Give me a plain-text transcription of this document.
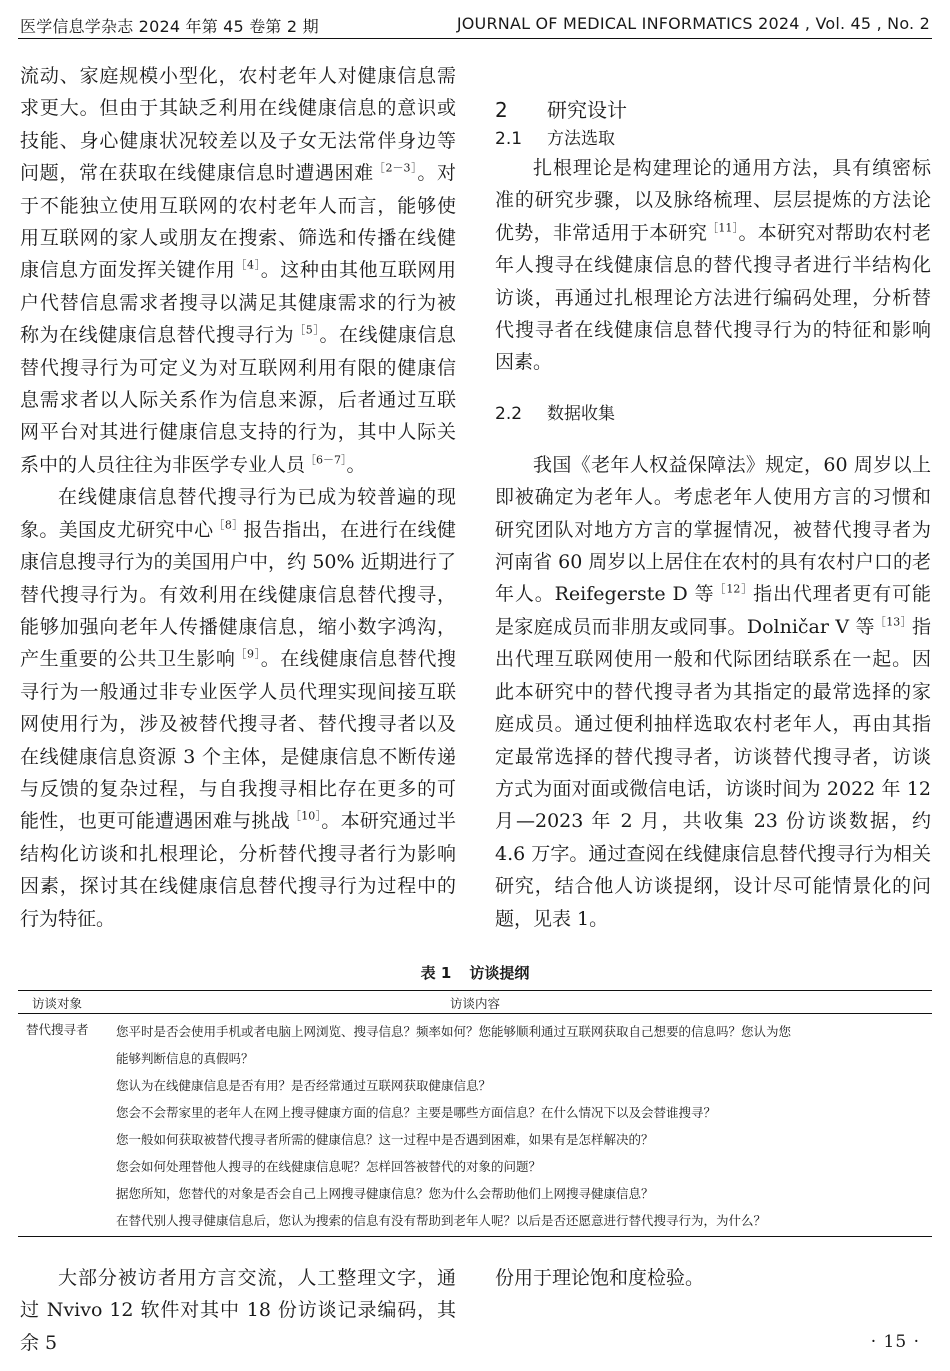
医学信息学杂志 2024 年第 45 卷第 2 期	JOURNAL OF MEDICAL INFORMATICS 2024 , Vol. 45 , No. 2

流动、家庭规模小型化，农村老年人对健康信息需求更大。但由于其缺乏利用在线健康信息的意识或技能、身心健康状况较差以及子女无法常伴身边等问题，常在获取在线健康信息时遭遇困难$^{[2-3]}$。对于不能独立使用互联网的农村老年人而言，能够使用互联网的家人或朋友在搜索、筛选和传播在线健康信息方面发挥关键作用$^{[4]}$。这种由其他互联网用户代替信息需求者搜寻以满足其健康需求的行为被称为在线健康信息替代搜寻行为$^{[5]}$。在线健康信息替代搜寻行为可定义为对互联网利用有限的健康信息需求者以人际关系作为信息来源，后者通过互联网平台对其进行健康信息支持的行为，其中人际关系中的人员往往为非医学专业人员$^{[6-7]}$。

在线健康信息替代搜寻行为已成为较普遍的现象。美国皮尤研究中心$^{[8]}$报告指出，在进行在线健康信息搜寻行为的美国用户中，约 50% 近期进行了替代搜寻行为。有效利用在线健康信息替代搜寻，能够加强向老年人传播健康信息，缩小数字鸿沟，产生重要的公共卫生影响$^{[9]}$。在线健康信息替代搜寻行为一般通过非专业医学人员代理实现间接互联网使用行为，涉及被替代搜寻者、替代搜寻者以及在线健康信息资源 3 个主体，是健康信息不断传递与反馈的复杂过程，与自我搜寻相比存在更多的可能性，也更可能遭遇困难与挑战$^{[10]}$。本研究通过半结构化访谈和扎根理论，分析替代搜寻者行为影响因素，探讨其在线健康信息替代搜寻行为过程中的行为特征。

2 研究设计

2.1 方法选取

扎根理论是构建理论的通用方法，具有缜密标准的研究步骤，以及脉络梳理、层层提炼的方法论优势，非常适用于本研究$^{[11]}$。本研究对帮助农村老年人搜寻在线健康信息的替代搜寻者进行半结构化访谈，再通过扎根理论方法进行编码处理，分析替代搜寻者在线健康信息替代搜寻行为的特征和影响因素。

2.2 数据收集

我国《老年人权益保障法》规定，60 周岁以上即被确定为老年人。考虑老年人使用方言的习惯和研究团队对地方方言的掌握情况，被替代搜寻者为河南省 60 周岁以上居住在农村的具有农村户口的老年人。Reifegerste D 等$^{[12]}$指出代理者更有可能是家庭成员而非朋友或同事。Dolničar V 等$^{[13]}$指出代理互联网使用一般和代际团结联系在一起。因此本研究中的替代搜寻者为其指定的最常选择的家庭成员。通过便利抽样选取农村老年人，再由其指定最常选择的替代搜寻者，访谈替代搜寻者，访谈方式为面对面或微信电话，访谈时间为 2022 年 12 月—2023 年 2 月，共收集 23 份访谈数据，约 4.6 万字。通过查阅在线健康信息替代搜寻行为相关研究，结合他人访谈提纲，设计尽可能情景化的问题，见表 1。

表 1 访谈提纲
访谈内容
访谈对象
替代搜寻者 您平时是否会使用手机或者电脑上网浏览、搜寻信息？频率如何？您能够顺利通过互联网获取自己想要的信息吗？您认为您
能够判断信息的真假吗？
您认为在线健康信息是否有用？是否经常通过互联网获取健康信息？
您会不会帮家里的老年人在网上搜寻健康方面的信息？主要是哪些方面信息？在什么情况下以及会替谁搜寻？
您一般如何获取被替代搜寻者所需的健康信息？这一过程中是否遇到困难，如果有是怎样解决的？
您会如何处理替他人搜寻的在线健康信息呢？怎样回答被替代的对象的问题？
据您所知，您替代的对象是否会自己上网搜寻健康信息？您为什么会帮助他们上网搜寻健康信息？
在替代别人搜寻健康信息后，您认为搜索的信息有没有帮助到老年人呢？以后是否还愿意进行替代搜寻行为，为什么？

大部分被访者用方言交流，人工整理文字，通过 Nvivo 12 软件对其中 18 份访谈记录编码，其余 5

份用于理论饱和度检验。

· 15 ·
